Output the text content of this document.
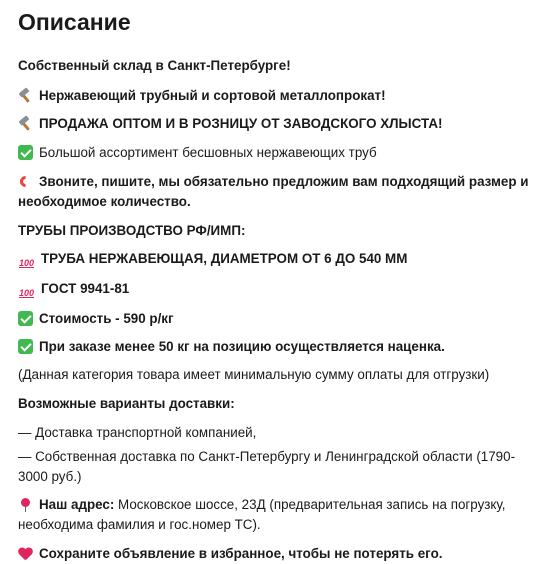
Описание

Собственный склад в Санкт-Петербурге!

Нержавеющий трубный и сортовой металлопрокат!

ПРОДАЖА ОПТОМ И В РОЗНИЦУ ОТ ЗАВОДСКОГО ХЛЫСТА!

Большой ассортимент бесшовных нержавеющих труб

Звоните, пишите, мы обязательно предложим вам подходящий размер и необходимое количество.

ТРУБЫ ПРОИЗВОДСТВО РФ/ИМП:

100 ТРУБА НЕРЖАВЕЮЩАЯ, ДИАМЕТРОМ ОТ 6 ДО 540 ММ

100 ГОСТ 9941-81

Стоимость - 590 р/кг

При заказе менее 50 кг на позицию осуществляется наценка.

(Данная категория товара имеет минимальную сумму оплаты для отгрузки)

Возможные варианты доставки:

— Доставка транспортной компанией,

— Собственная доставка по Санкт-Петербургу и Ленинградской области (1790-3000 руб.)

Наш адрес: Московское шоссе, 23Д (предварительная запись на погрузку, необходима фамилия и гос.номер ТС).

Сохраните объявление в избранное, чтобы не потерять его.
